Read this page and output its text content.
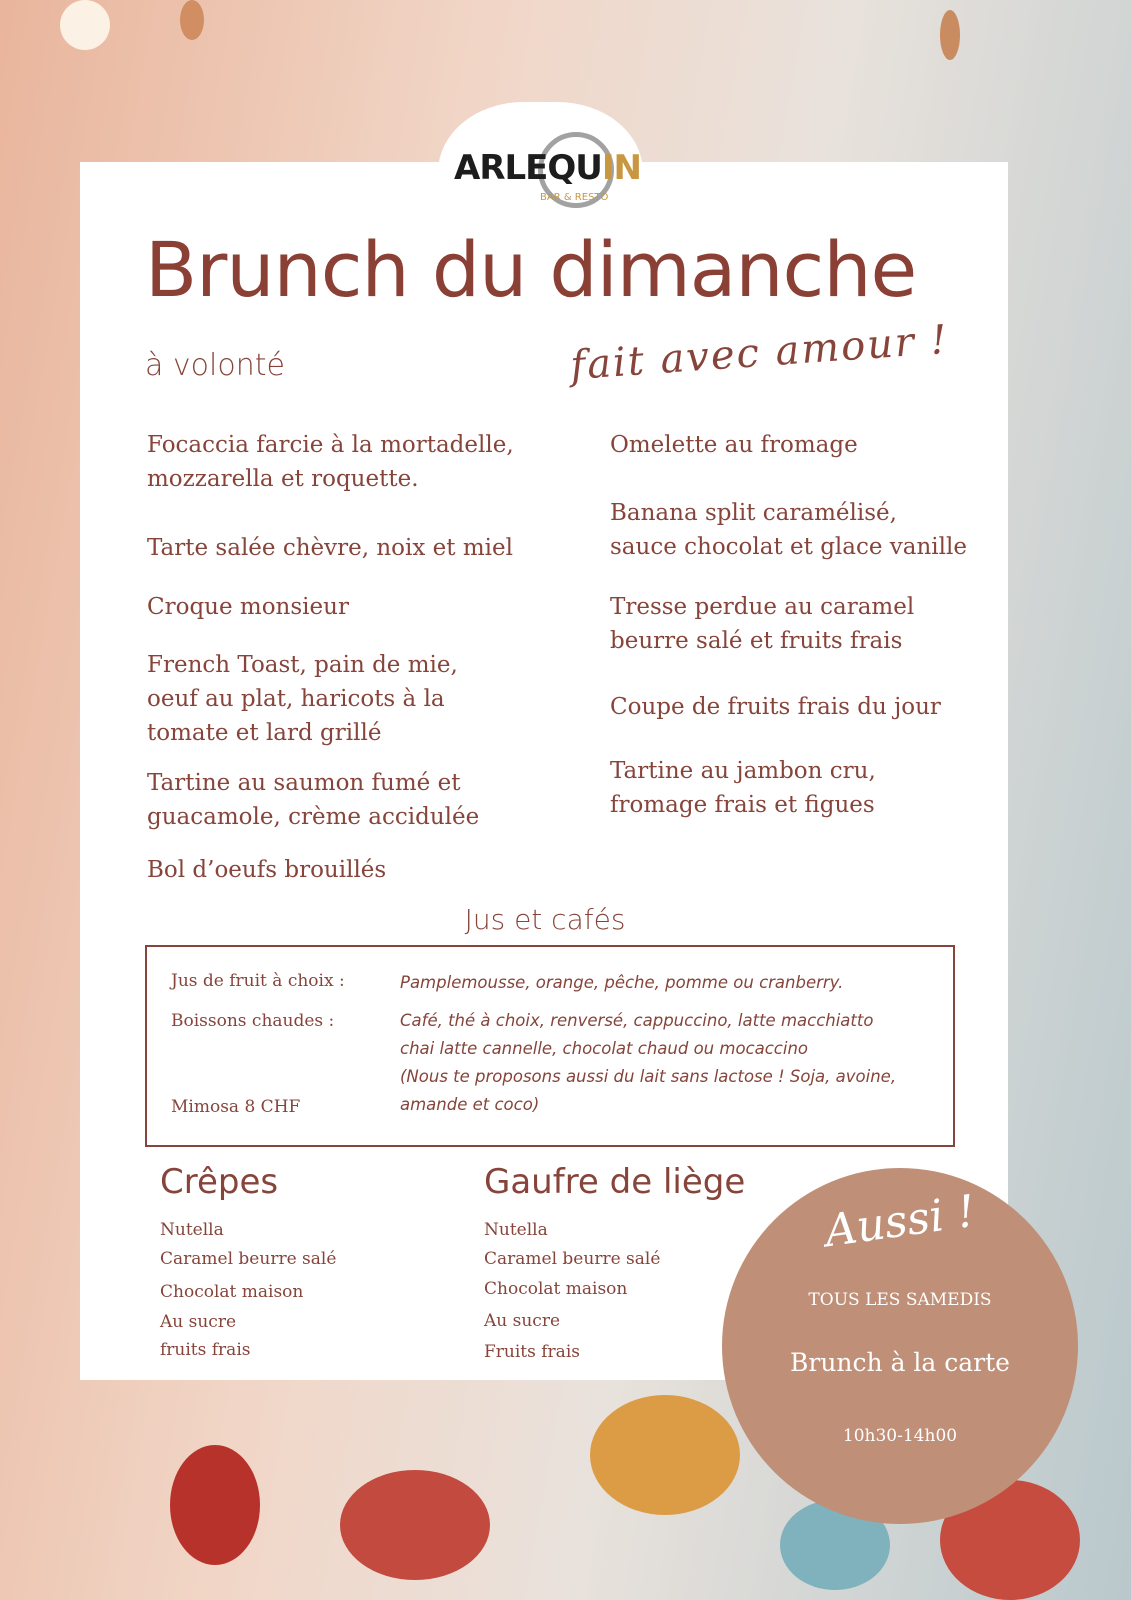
ARLEQUIN
BAR & RESTO
Brunch du dimanche
à volonté	fait avec amour !
Focaccia farcie à la mortadelle,
mozzarella et roquette.
Tarte salée chèvre, noix et miel
Croque monsieur
French Toast, pain de mie,
oeuf au plat, haricots à la
tomate et lard grillé
Tartine au saumon fumé et
guacamole, crème accidulée
Bol d’oeufs brouillés
Omelette au fromage
Banana split caramélisé,
sauce chocolat et glace vanille
Tresse perdue au caramel
beurre salé et fruits frais
Coupe de fruits frais du jour
Tartine au jambon cru,
fromage frais et figues
Jus et cafés
Jus de fruit à choix :	Pamplemousse, orange, pêche, pomme ou cranberry.
Boissons chaudes :	Café, thé à choix, renversé, cappuccino, latte macchiatto
chai latte cannelle, chocolat chaud ou mocaccino
(Nous te proposons aussi du lait sans lactose ! Soja, avoine,
amande et coco)
Mimosa 8 CHF
Crêpes
Nutella
Caramel beurre salé
Chocolat maison
Au sucre
fruits frais
Gaufre de liège
Nutella
Caramel beurre salé
Chocolat maison
Au sucre
Fruits frais
Aussi !
TOUS LES SAMEDIS
Brunch à la carte
10h30-14h00
